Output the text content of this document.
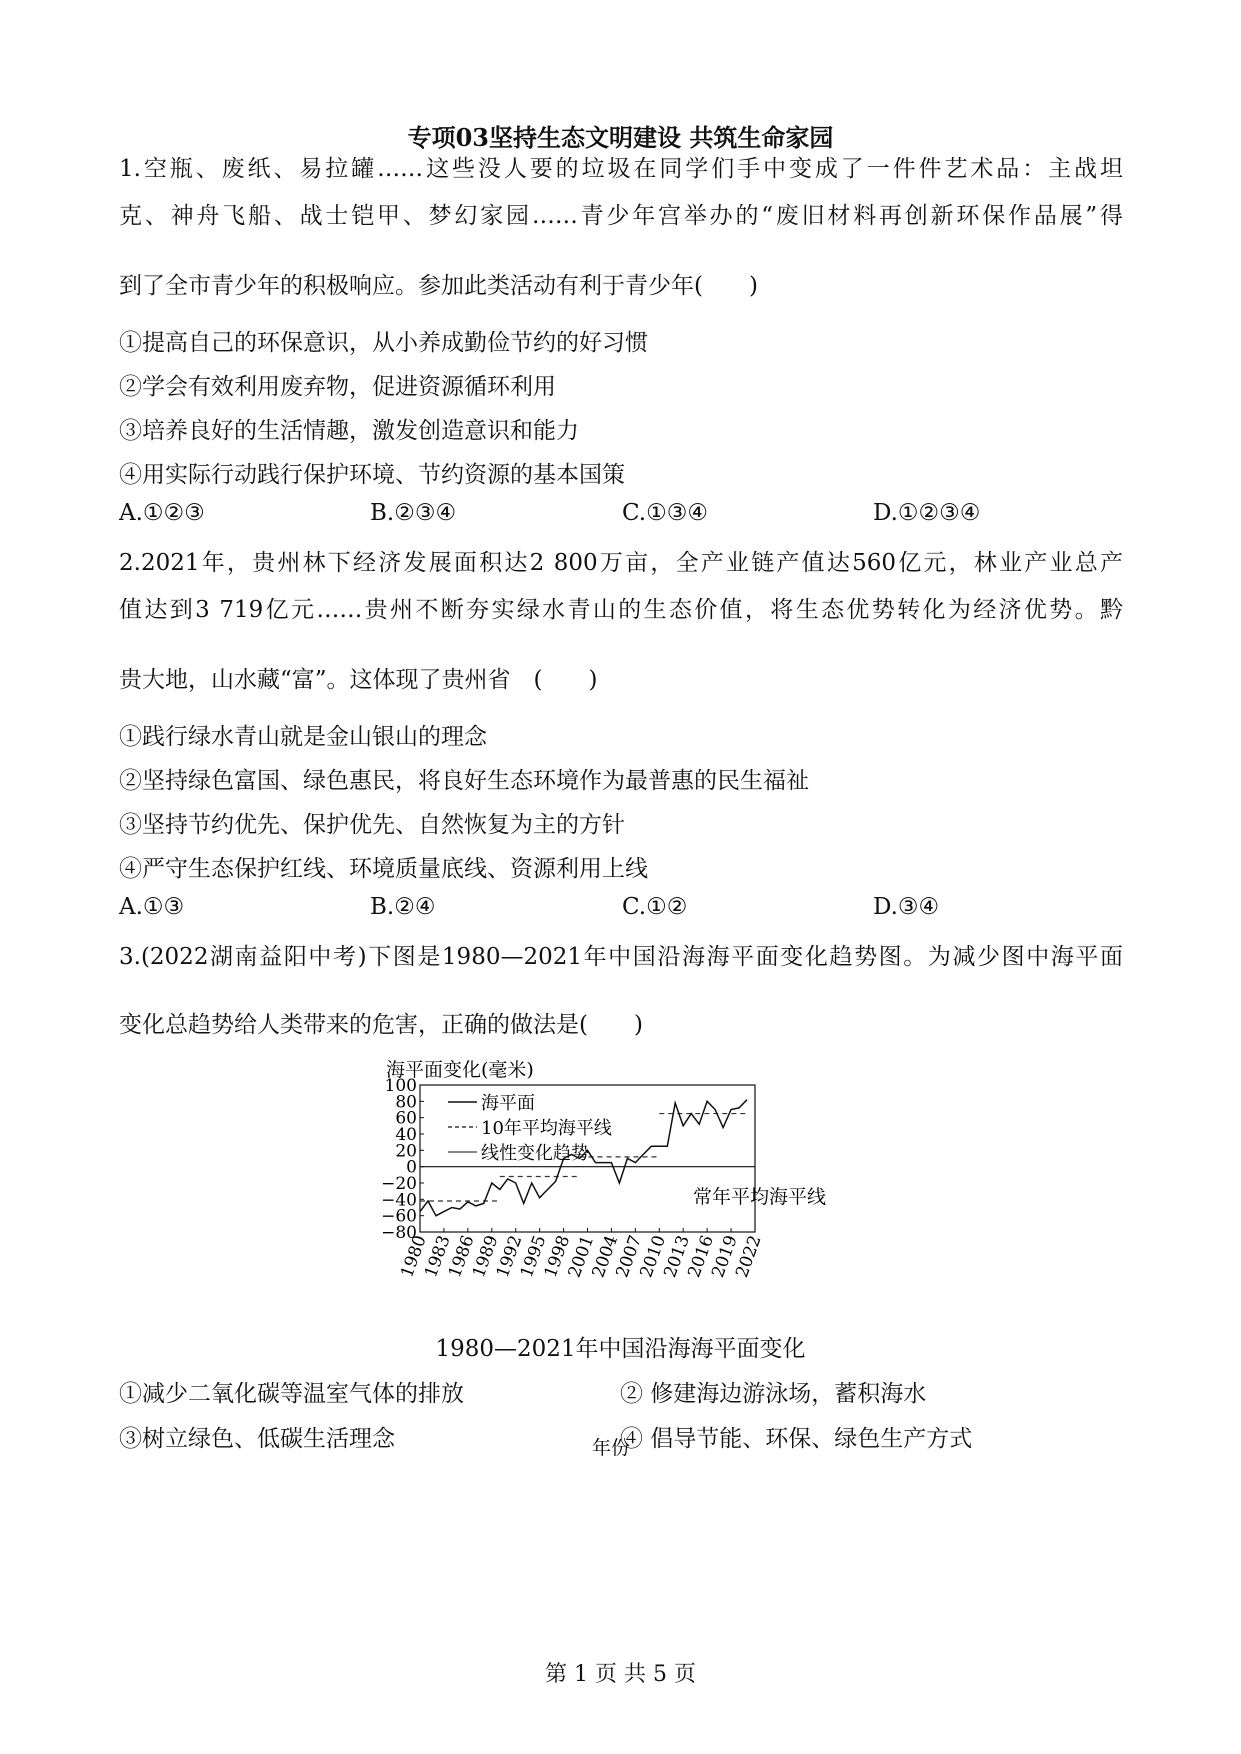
专项03坚持生态文明建设 共筑生命家园
1.空瓶、废纸、易拉罐……这些没人要的垃圾在同学们手中变成了一件件艺术品：主战坦
克、神舟飞船、战士铠甲、梦幻家园……青少年宫举办的“废旧材料再创新环保作品展”得
到了全市青少年的积极响应。参加此类活动有利于青少年(　　)
①提高自己的环保意识，从小养成勤俭节约的好习惯
②学会有效利用废弃物，促进资源循环利用
③培养良好的生活情趣，激发创造意识和能力
④用实际行动践行保护环境、节约资源的基本国策
A.①②③	B.②③④	C.①③④	D.①②③④
2.2021年，贵州林下经济发展面积达2 800万亩，全产业链产值达560亿元，林业产业总产
值达到3 719亿元……贵州不断夯实绿水青山的生态价值，将生态优势转化为经济优势。黔
贵大地，山水藏“富”。这体现了贵州省　(　　)
①践行绿水青山就是金山银山的理念
②坚持绿色富国、绿色惠民，将良好生态环境作为最普惠的民生福祉
③坚持节约优先、保护优先、自然恢复为主的方针
④严守生态保护红线、环境质量底线、资源利用上线
A.①③	B.②④	C.①②	D.③④
3.(2022湖南益阳中考)下图是1980—2021年中国沿海海平面变化趋势图。为减少图中海平面
变化总趋势给人类带来的危害，正确的做法是(　　)
海平面变化(毫米)
100
80
60
40
20
0
−20
−40
−60
−80
1980
1983
1986
1989
1992
1995
1998
2001
2004
2007
2010
2013
2016
2019
2022
海平面
10年平均海平线
线性变化趋势
常年平均海平线
年份
1980—2021年中国沿海海平面变化
①减少二氧化碳等温室气体的排放	② 修建海边游泳场，蓄积海水
③树立绿色、低碳生活理念	④ 倡导节能、环保、绿色生产方式
第 1 页 共 5 页
